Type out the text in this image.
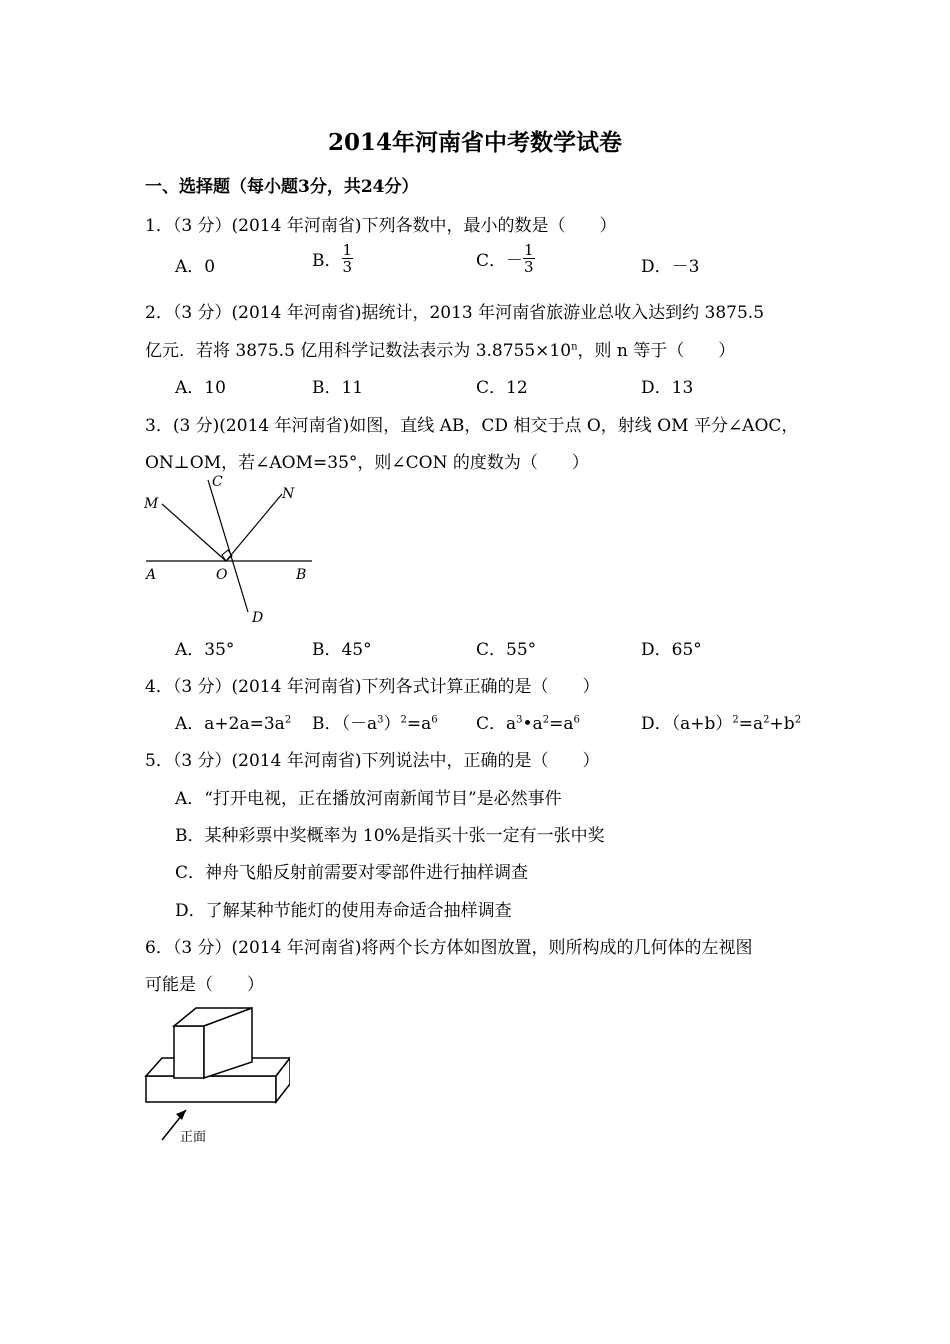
2014年河南省中考数学试卷
一、选择题（每小题3分，共24分）
1．（3 分）(2014 年河南省)下列各数中，最小的数是（　　）
A．0	B． $\frac{1}{3}$	C．－ $\frac{1}{3}$	D．－3
2．（3 分）(2014 年河南省)据统计，2013 年河南省旅游业总收入达到约 3875.5
亿元．若将 3875.5 亿用科学记数法表示为 $3.8755\times 10^n$，则 n 等于（　　）
A．10	B．11	C．12	D．13
3．(3 分)(2014 年河南省)如图，直线 AB，CD 相交于点 O，射线 OM 平分∠AOC，
ON⊥OM，若∠AOM=35°，则∠CON 的度数为（　　）
M
C
N
A	O	B
D
A．35°	B．45°	C．55°	D．65°
4．（3 分）(2014 年河南省)下列各式计算正确的是（　　）
A．$a+2a=3a^2$ B．$(-a^3)^2=a^6$ C．$a^3•a^2=a^6$	D．$(a+b)^2=a^2+b^2$
5．（3 分）(2014 年河南省)下列说法中，正确的是（　　）
A．“打开电视，正在播放河南新闻节目”是必然事件
B．某种彩票中奖概率为 10%是指买十张一定有一张中奖
C．神舟飞船反射前需要对零部件进行抽样调查
D．了解某种节能灯的使用寿命适合抽样调查
6．（3 分）(2014 年河南省)将两个长方体如图放置，则所构成的几何体的左视图
可能是（　　）
正面
